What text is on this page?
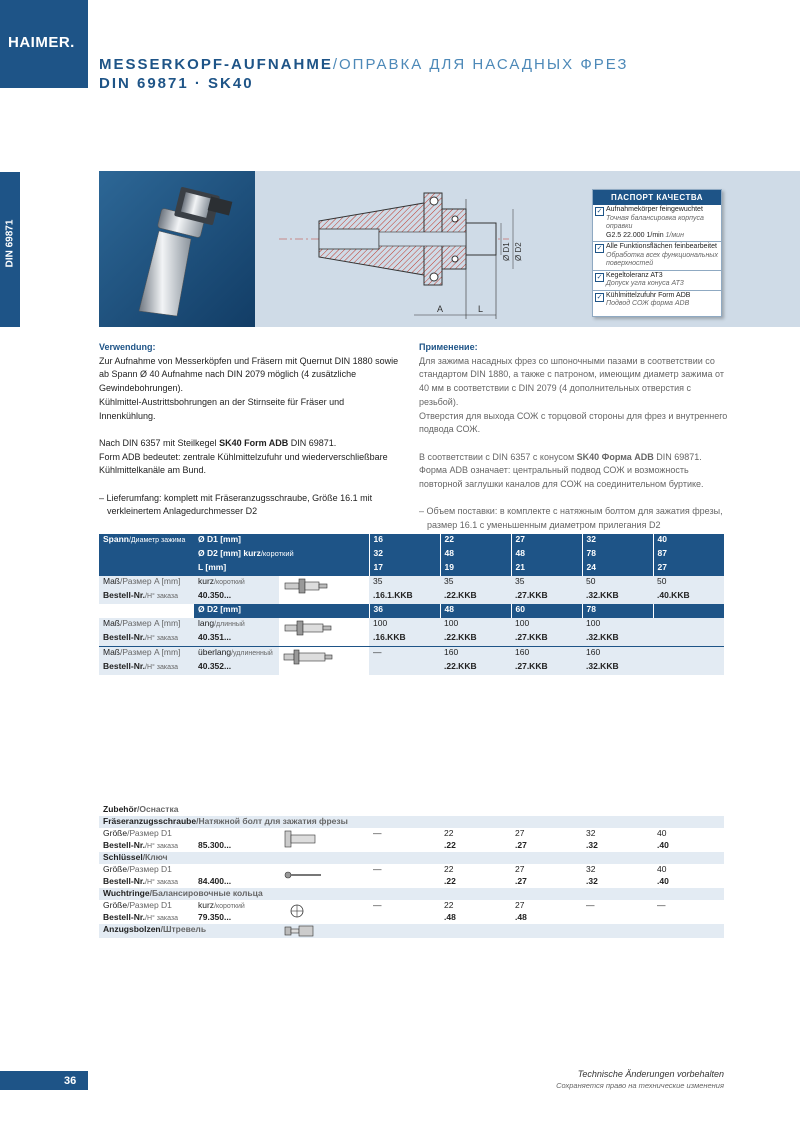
HAIMER.
MESSERKOPF-AUFNAHME/ОПРАВКА ДЛЯ НАСАДНЫХ ФРЕЗ
DIN 69871 · SK40
DIN 69871
A	L
Ø D1 Ø D2
ПАСПОРТ КАЧЕСТВА
✓ Aufnahmekörper feingewuchtet
Точная балансировка корпуса оправки
G2.5 22.000 1/min 1/мин
✓ Alle Funktionsflächen feinbearbeitet
Обработка всех функциональных поверхностей
✓ Kegeltoleranz AT3
Допуск угла конуса AT3
✓ Kühlmittelzufuhr Form ADB
Подвод СОЖ форма ADB
Verwendung:
Zur Aufnahme von Messerköpfen und Fräsern mit Quernut DIN 1880 sowie ab Spann Ø 40 Aufnahme nach DIN 2079 möglich (4 zusätzliche Gewindebohrungen).

Kühlmittel-Austrittsbohrungen an der Stirnseite für Fräser und Innenkühlung.

Nach DIN 6357 mit Steilkegel SK40 Form ADB DIN 69871.

Form ADB bedeutet: zentrale Kühlmittelzufuhr und wiederverschließbare Kühlmittelkanäle am Bund.

– Lieferumfang: komplett mit Fräseranzugsschraube, Größe 16.1 mit verkleinertem Anlagedurchmesser D2

Применение:
Для зажима насадных фрез со шпоночными пазами в соответствии со стандартом DIN 1880, а также с патроном, имеющим диаметр зажима от 40 мм в соответствии с DIN 2079 (4 дополнительных отверстия с резьбой).

Отверстия для выхода СОЖ с торцовой стороны для фрез и внутреннего подвода СОЖ.

В соответствии с DIN 6357 с конусом SK40 Форма ADB DIN 69871.

Форма ADB означает: центральный подвод СОЖ и возможность повторной заглушки каналов для СОЖ на соединительном буртике.

– Объем поставки: в комплекте с натяжным болтом для зажатия фрезы, размер 16.1 с уменьшенным диаметром прилегания D2

Spann/Диаметр зажима	Ø D1 [mm]		16	22	27	32	40
	Ø D2 [mm] kurz/короткий		32	48	48	78	87
	L [mm]		17	19	21	24	27
Maß/Размер A [mm]	kurz/короткий		35	35	35	50	50
Bestell-Nr./Н° заказа	40.350...		.16.1.KKB	.22.KKB	.27.KKB	.32.KKB	.40.KKB
	Ø D2 [mm]		36	48	60	78	
Maß/Размер A [mm]	lang/длинный		100	100	100	100	
Bestell-Nr./Н° заказа	40.351...		.16.KKB	.22.KKB	.27.KKB	.32.KKB	
Maß/Размер A [mm]	überlang/удлиненный		—	160	160	160	
Bestell-Nr./Н° заказа	40.352...			.22.KKB	.27.KKB	.32.KKB	
Zubehör/Оснастка							
Fräseranzugsschraube/Натяжной болт для зажатия фрезы							
Größe/Размер D1			—	22	27	32	40
Bestell-Nr./Н° заказа	85.300...			.22	.27	.32	.40
Schlüssel/Ключ							
Größe/Размер D1			—	22	27	32	40
Bestell-Nr./Н° заказа	84.400...			.22	.27	.32	.40
Wuchtringe/Балансировочные кольца							
Größe/Размер D1	kurz/короткий		—	22	27	—	—
Bestell-Nr./Н° заказа	79.350...			.48	.48		
Anzugsbolzen/Штревель	

36
Technische Änderungen vorbehalten
Сохраняется право на технические изменения
